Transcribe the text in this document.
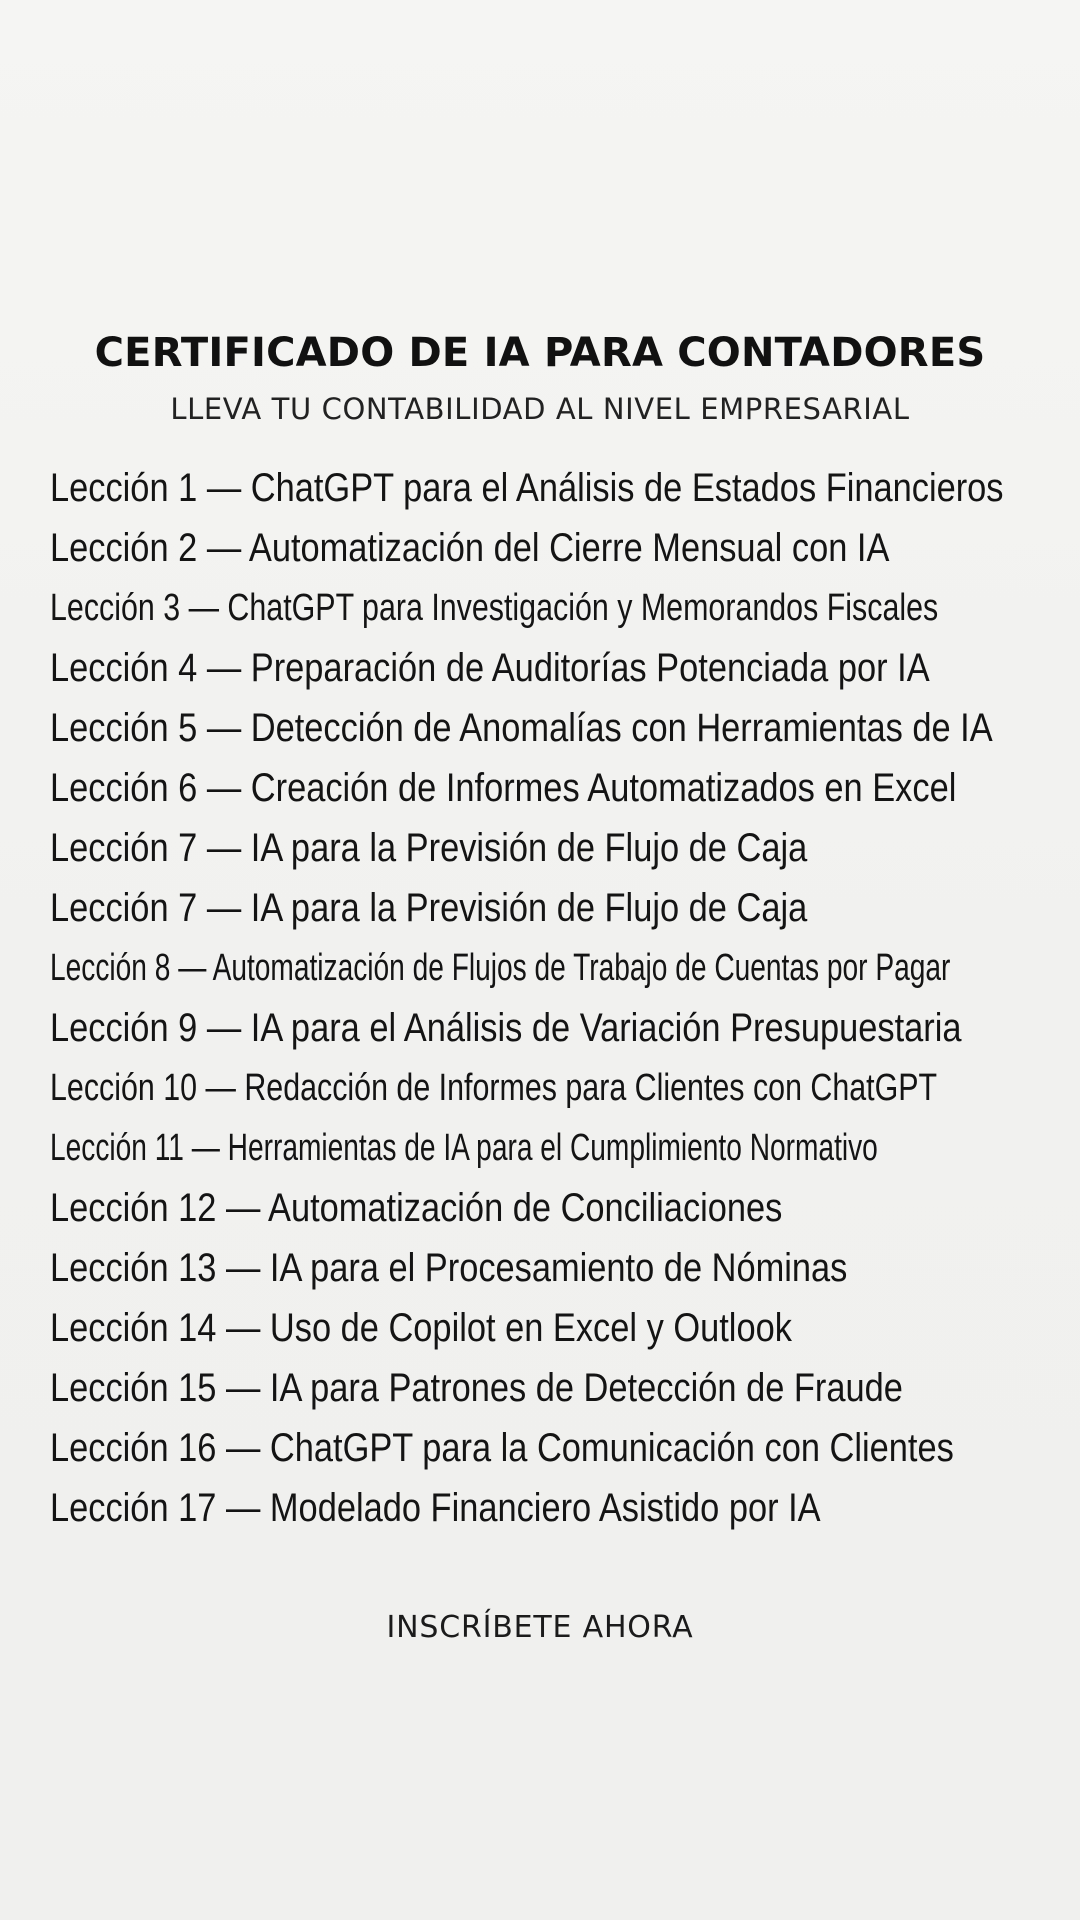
CERTIFICADO DE IA PARA CONTADORES
LLEVA TU CONTABILIDAD AL NIVEL EMPRESARIAL
Lección 1 — ChatGPT para el Análisis de Estados Financieros
Lección 2 — Automatización del Cierre Mensual con IA
Lección 3 — ChatGPT para Investigación y Memorandos Fiscales
Lección 4 — Preparación de Auditorías Potenciada por IA
Lección 5 — Detección de Anomalías con Herramientas de IA
Lección 6 — Creación de Informes Automatizados en Excel
Lección 7 — IA para la Previsión de Flujo de Caja
Lección 7 — IA para la Previsión de Flujo de Caja
Lección 8 — Automatización de Flujos de Trabajo de Cuentas por Pagar
Lección 9 — IA para el Análisis de Variación Presupuestaria
Lección 10 — Redacción de Informes para Clientes con ChatGPT
Lección 11 — Herramientas de IA para el Cumplimiento Normativo
Lección 12 — Automatización de Conciliaciones
Lección 13 — IA para el Procesamiento de Nóminas
Lección 14 — Uso de Copilot en Excel y Outlook
Lección 15 — IA para Patrones de Detección de Fraude
Lección 16 — ChatGPT para la Comunicación con Clientes
Lección 17 — Modelado Financiero Asistido por IA
INSCRÍBETE AHORA
